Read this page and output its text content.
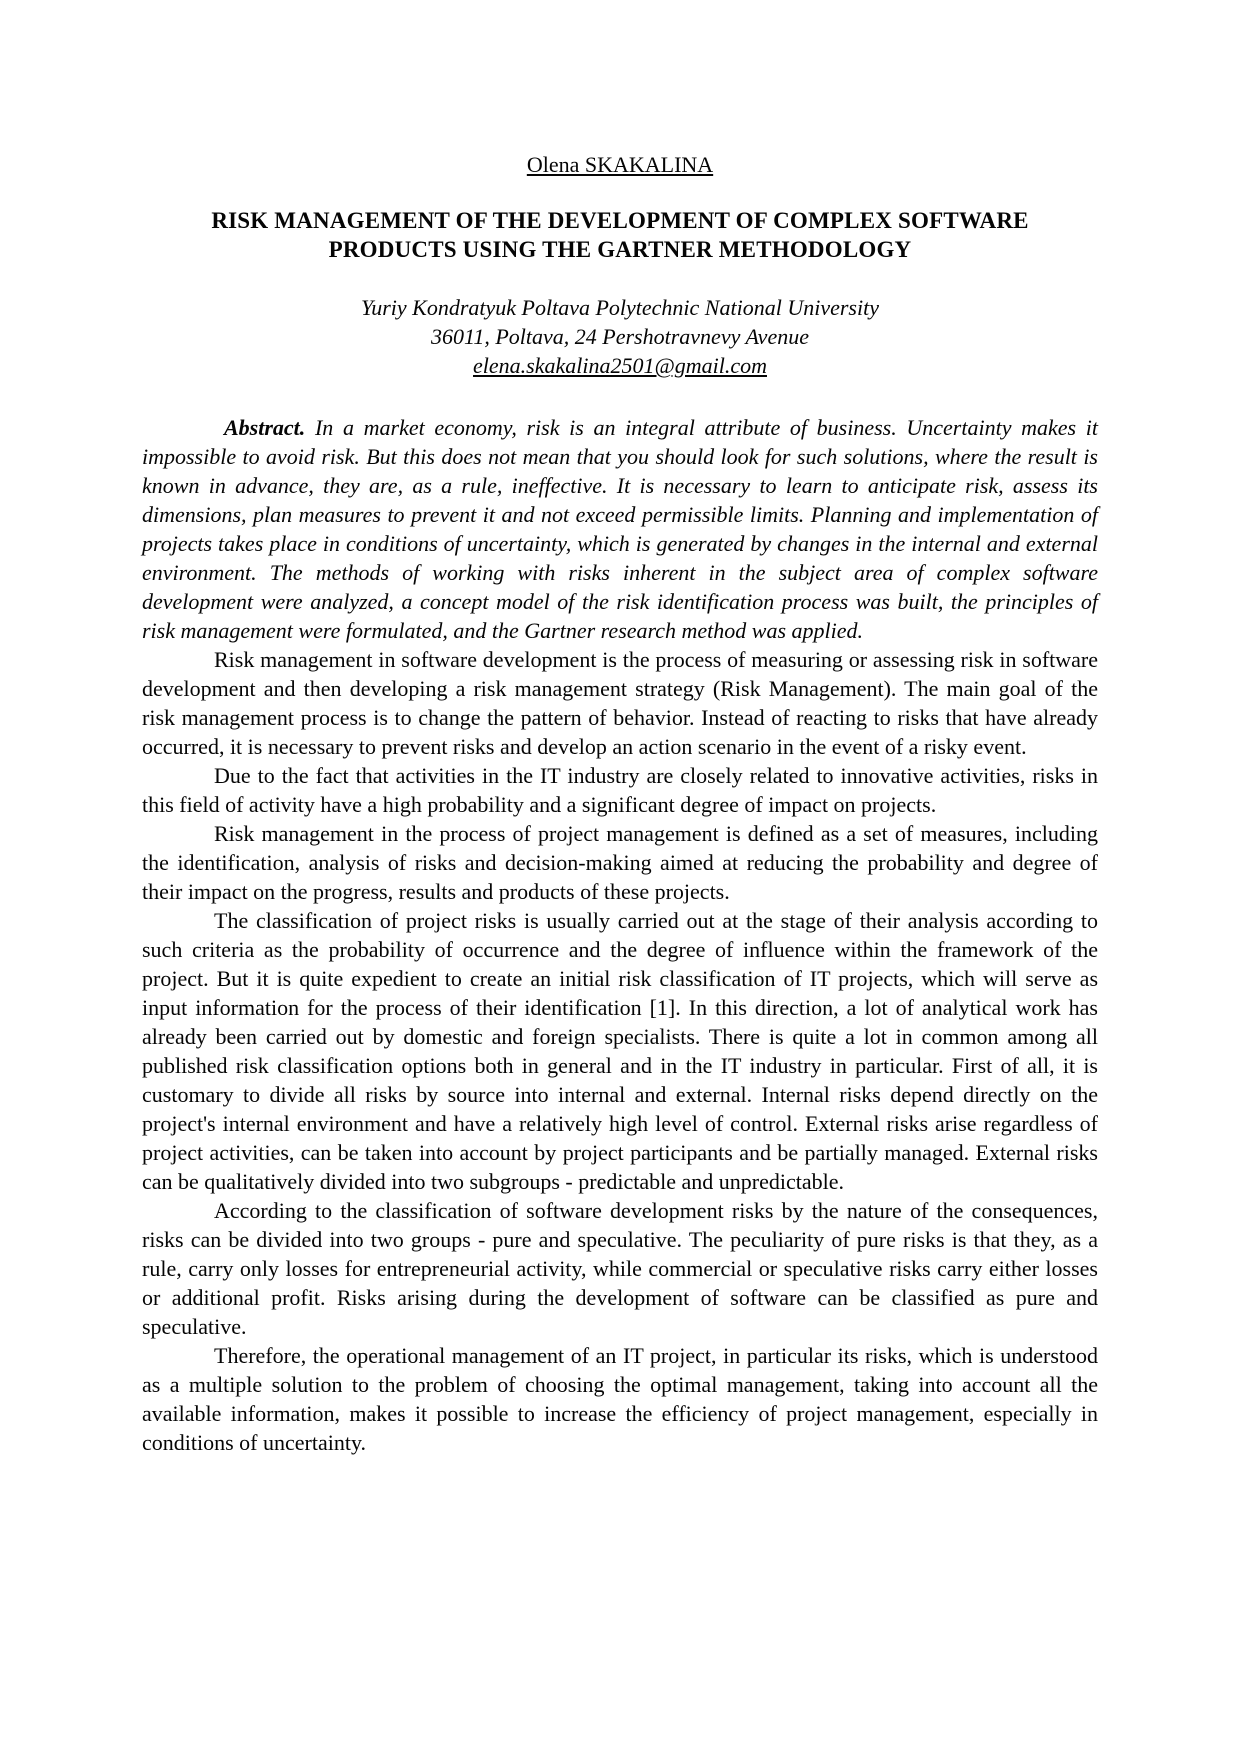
Olena SKAKALINA
RISK MANAGEMENT OF THE DEVELOPMENT OF COMPLEX SOFTWARE
PRODUCTS USING THE GARTNER METHODOLOGY
Yuriy Kondratyuk Poltava Polytechnic National University
36011, Poltava, 24 Pershotravnevy Avenue
elena.skakalina2501@gmail.com

Abstract. In a market economy, risk is an integral attribute of business. Uncertainty makes it impossible to avoid risk. But this does not mean that you should look for such solutions, where the result is known in advance, they are, as a rule, ineffective. It is necessary to learn to anticipate risk, assess its dimensions, plan measures to prevent it and not exceed permissible limits. Planning and implementation of projects takes place in conditions of uncertainty, which is generated by changes in the internal and external environment. The methods of working with risks inherent in the subject area of complex software development were analyzed, a concept model of the risk identification process was built, the principles of risk management were formulated, and the Gartner research method was applied.

Risk management in software development is the process of measuring or assessing risk in software development and then developing a risk management strategy (Risk Management). The main goal of the risk management process is to change the pattern of behavior. Instead of reacting to risks that have already occurred, it is necessary to prevent risks and develop an action scenario in the event of a risky event.

Due to the fact that activities in the IT industry are closely related to innovative activities, risks in this field of activity have a high probability and a significant degree of impact on projects.

Risk management in the process of project management is defined as a set of measures, including the identification, analysis of risks and decision-making aimed at reducing the probability and degree of their impact on the progress, results and products of these projects.

The classification of project risks is usually carried out at the stage of their analysis according to such criteria as the probability of occurrence and the degree of influence within the framework of the project. But it is quite expedient to create an initial risk classification of IT projects, which will serve as input information for the process of their identification [1]. In this direction, a lot of analytical work has already been carried out by domestic and foreign specialists. There is quite a lot in common among all published risk classification options both in general and in the IT industry in particular. First of all, it is customary to divide all risks by source into internal and external. Internal risks depend directly on the project's internal environment and have a relatively high level of control. External risks arise regardless of project activities, can be taken into account by project participants and be partially managed. External risks can be qualitatively divided into two subgroups - predictable and unpredictable.

According to the classification of software development risks by the nature of the consequences, risks can be divided into two groups - pure and speculative. The peculiarity of pure risks is that they, as a rule, carry only losses for entrepreneurial activity, while commercial or speculative risks carry either losses or additional profit. Risks arising during the development of software can be classified as pure and speculative.

Therefore, the operational management of an IT project, in particular its risks, which is understood as a multiple solution to the problem of choosing the optimal management, taking into account all the available information, makes it possible to increase the efficiency of project management, especially in conditions of uncertainty.
